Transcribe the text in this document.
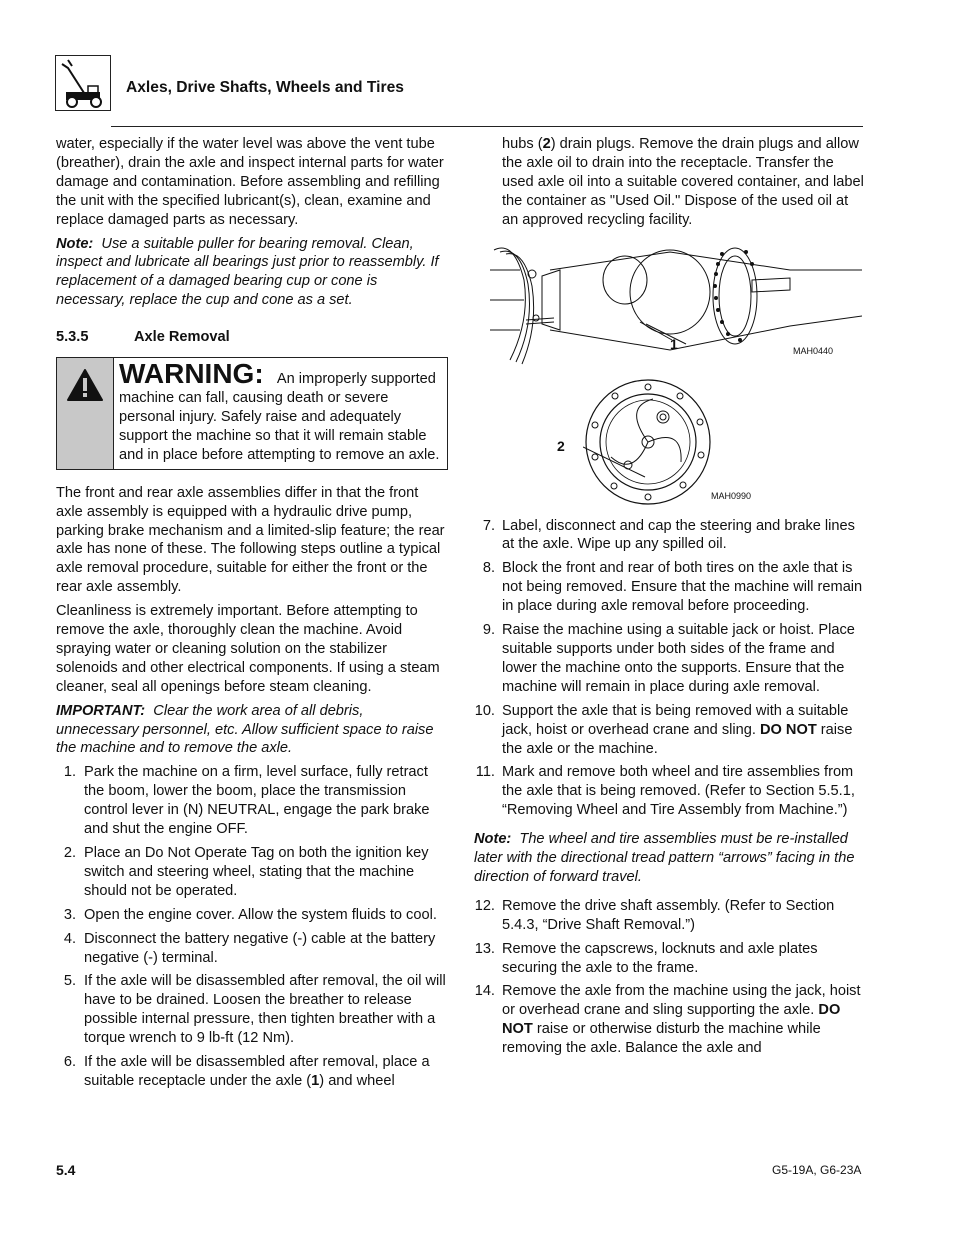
Axles, Drive Shafts, Wheels and Tires

water, especially if the water level was above the vent tube (breather), drain the axle and inspect internal parts for water damage and contamination. Before assembling and refilling the unit with the specified lubricant(s), clean, examine and replace damaged parts as necessary.

Note: Use a suitable puller for bearing removal. Clean, inspect and lubricate all bearings just prior to reassembly. If replacement of a damaged bearing cup or cone is necessary, replace the cup and cone as a set.

5.3.5	Axle Removal
WARNING: An improperly supported machine can fall, causing death or severe personal injury. Safely raise and adequately support the machine so that it will remain stable and in place before attempting to remove an axle.

The front and rear axle assemblies differ in that the front axle assembly is equipped with a hydraulic drive pump, parking brake mechanism and a limited-slip feature; the rear axle has none of these. The following steps outline a typical axle removal procedure, suitable for either the front or the rear axle assembly.

Cleanliness is extremely important. Before attempting to remove the axle, thoroughly clean the machine. Avoid spraying water or cleaning solution on the stabilizer solenoids and other electrical components. If using a steam cleaner, seal all openings before steam cleaning.

IMPORTANT: Clear the work area of all debris, unnecessary personnel, etc. Allow sufficient space to raise the machine and to remove the axle.

1. Park the machine on a firm, level surface, fully retract the boom, lower the boom, place the transmission control lever in (N) NEUTRAL, engage the park brake and shut the engine OFF.
2. Place an Do Not Operate Tag on both the ignition key switch and steering wheel, stating that the machine should not be operated.
3. Open the engine cover. Allow the system fluids to cool.
4. Disconnect the battery negative (-) cable at the battery negative (-) terminal.
5. If the axle will be disassembled after removal, the oil will have to be drained. Loosen the breather to release possible internal pressure, then tighten breather with a torque wrench to 9 lb-ft (12 Nm).
6. If the axle will be disassembled after removal, place a suitable receptacle under the axle (1) and wheel

hubs (2) drain plugs. Remove the drain plugs and allow the axle oil to drain into the receptacle. Transfer the used axle oil into a suitable covered container, and label the container as "Used Oil." Dispose of the used oil at an approved recycling facility.

1	MAH0440
2
MAH0990
7. Label, disconnect and cap the steering and brake lines at the axle. Wipe up any spilled oil.
8. Block the front and rear of both tires on the axle that is not being removed. Ensure that the machine will remain in place during axle removal before proceeding.
9. Raise the machine using a suitable jack or hoist. Place suitable supports under both sides of the frame and lower the machine onto the supports. Ensure that the machine will remain in place during axle removal.
10. Support the axle that is being removed with a suitable jack, hoist or overhead crane and sling. DO NOT raise the axle or the machine.
11. Mark and remove both wheel and tire assemblies from the axle that is being removed. (Refer to Section 5.5.1, “Removing Wheel and Tire Assembly from Machine.”)

Note: The wheel and tire assemblies must be re-installed later with the directional tread pattern “arrows” facing in the direction of forward travel.

12. Remove the drive shaft assembly. (Refer to Section 5.4.3, “Drive Shaft Removal.”)
13. Remove the capscrews, locknuts and axle plates securing the axle to the frame.
14. Remove the axle from the machine using the jack, hoist or overhead crane and sling supporting the axle. DO NOT raise or otherwise disturb the machine while removing the axle. Balance the axle and
5.4	G5-19A, G6-23A
